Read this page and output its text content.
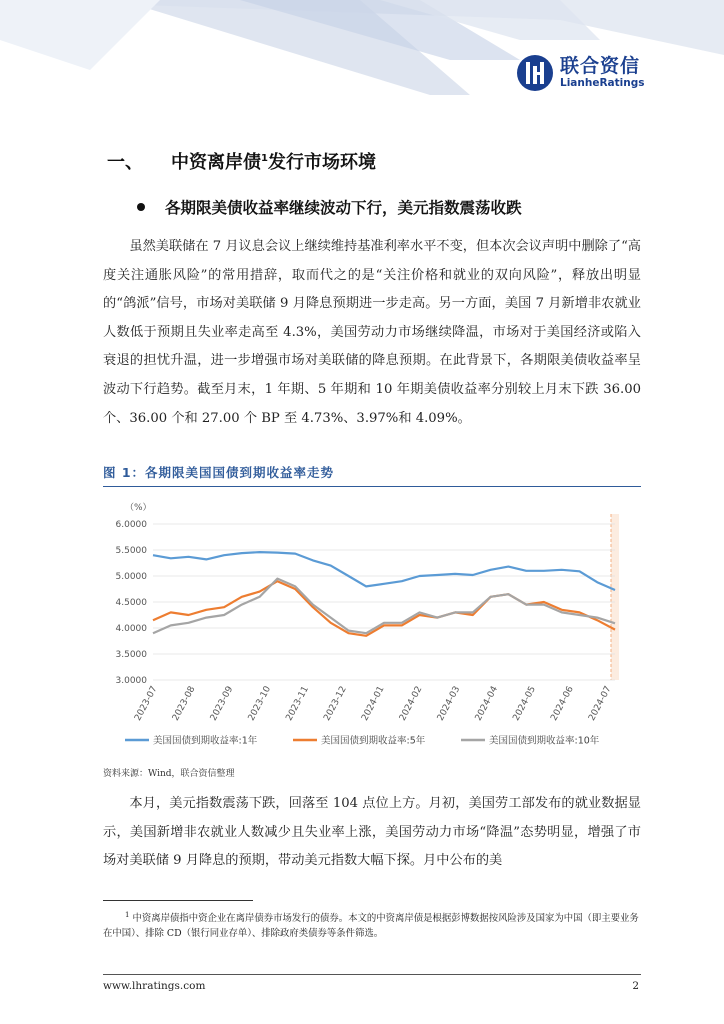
联合资信
LianheRatings
一、 中资离岸债$^1$发行市场环境
各期限美债收益率继续波动下行，美元指数震荡收跌

虽然美联储在 7 月议息会议上继续维持基准利率水平不变，但本次会议声明中删除了“高度关注通胀风险”的常用措辞，取而代之的是“关注价格和就业的双向风险”，释放出明显的“鸽派”信号，市场对美联储 9 月降息预期进一步走高。另一方面，美国 7 月新增非农就业人数低于预期且失业率走高至 4.3%，美国劳动力市场继续降温，市场对于美国经济或陷入衰退的担忧升温，进一步增强市场对美联储的降息预期。在此背景下，各期限美债收益率呈波动下行趋势。截至月末，1 年期、5 年期和 10 年期美债收益率分别较上月末下跌 36.00 个、36.00 个和 27.00 个 BP 至 4.73%、3.97%和 4.09%。

图 1：各期限美国国债到期收益率走势
（%）
6.0000
5.5000
5.0000
4.5000
4.0000
3.5000
3.0000
2023-07 2023-08 2023-09 2023-10 2023-11 2023-12 2024-01 2024-02 2024-03 2024-04 2024-05 2024-06 2024-07
美国国债到期收益率:1年	美国国债到期收益率:5年	美国国债到期收益率:10年
资料来源：Wind，联合资信整理

本月，美元指数震荡下跌，回落至 104 点位上方。月初，美国劳工部发布的就业数据显示，美国新增非农就业人数减少且失业率上涨，美国劳动力市场“降温”态势明显，增强了市场对美联储 9 月降息的预期，带动美元指数大幅下探。月中公布的美

$^1$ 中资离岸债指中资企业在离岸债券市场发行的债券。本文的中资离岸债是根据彭博数据按风险涉及国家为中国（即主要业务在中国）、排除 CD（银行同业存单）、排除政府类债券等条件筛选。
www.lhratings.com	2
